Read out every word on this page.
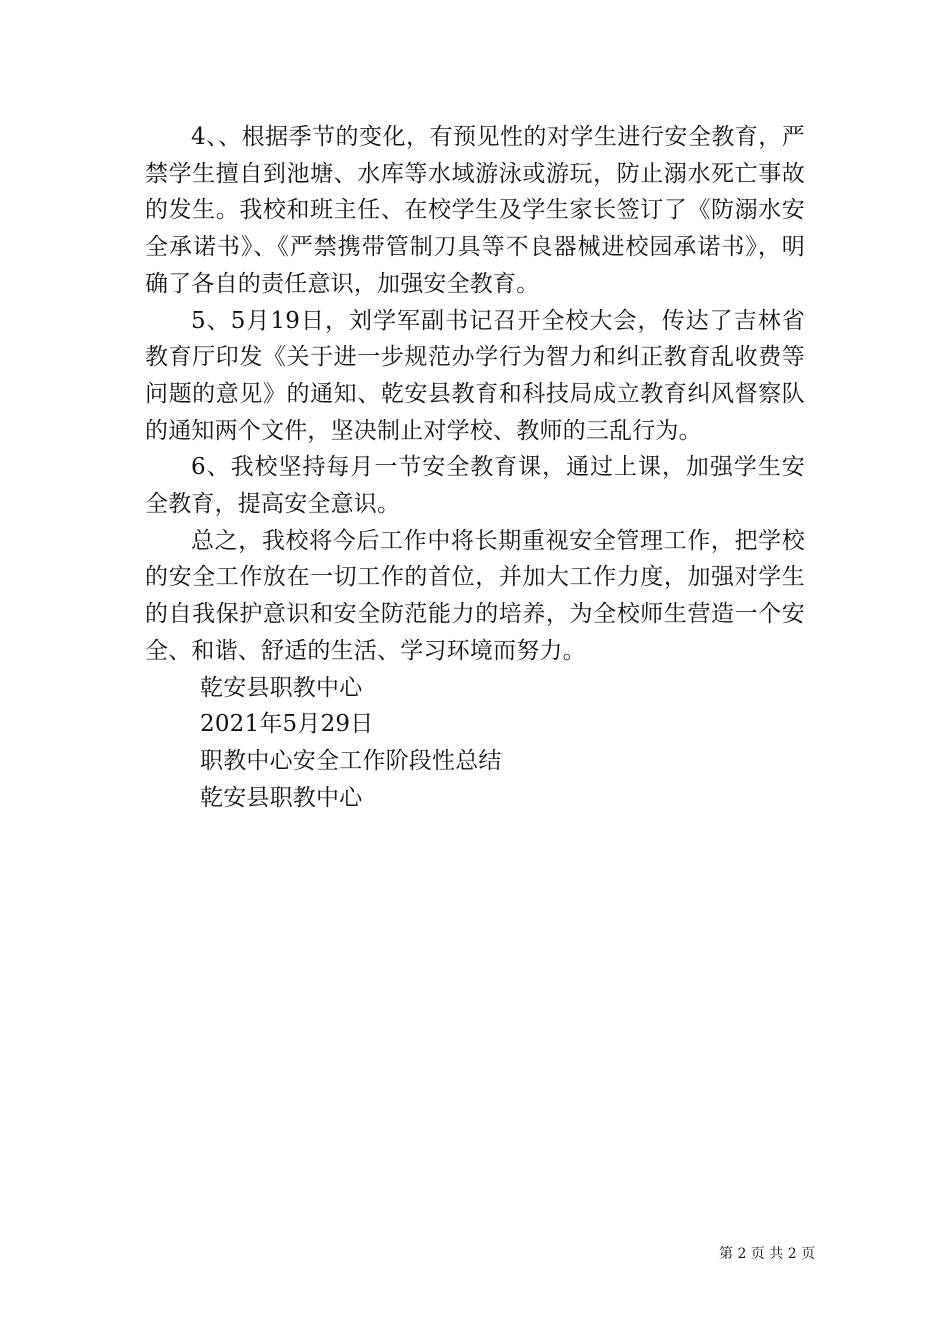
4、、根据季节的变化，有预见性的对学生进行安全教育，严禁学生擅自到池塘、水库等水域游泳或游玩，防止溺水死亡事故的发生。我校和班主任、在校学生及学生家长签订了《防溺水安全承诺书》、《严禁携带管制刀具等不良器械进校园承诺书》，明确了各自的责任意识，加强安全教育。

5、5月19日，刘学军副书记召开全校大会，传达了吉林省教育厅印发《关于进一步规范办学行为智力和纠正教育乱收费等问题的意见》的通知、乾安县教育和科技局成立教育纠风督察队的通知两个文件，坚决制止对学校、教师的三乱行为。

6、我校坚持每月一节安全教育课，通过上课，加强学生安全教育，提高安全意识。

总之，我校将今后工作中将长期重视安全管理工作，把学校的安全工作放在一切工作的首位，并加大工作力度，加强对学生的自我保护意识和安全防范能力的培养，为全校师生营造一个安全、和谐、舒适的生活、学习环境而努力。

乾安县职教中心

2021年5月29日

职教中心安全工作阶段性总结

乾安县职教中心

第 2 页 共 2 页
